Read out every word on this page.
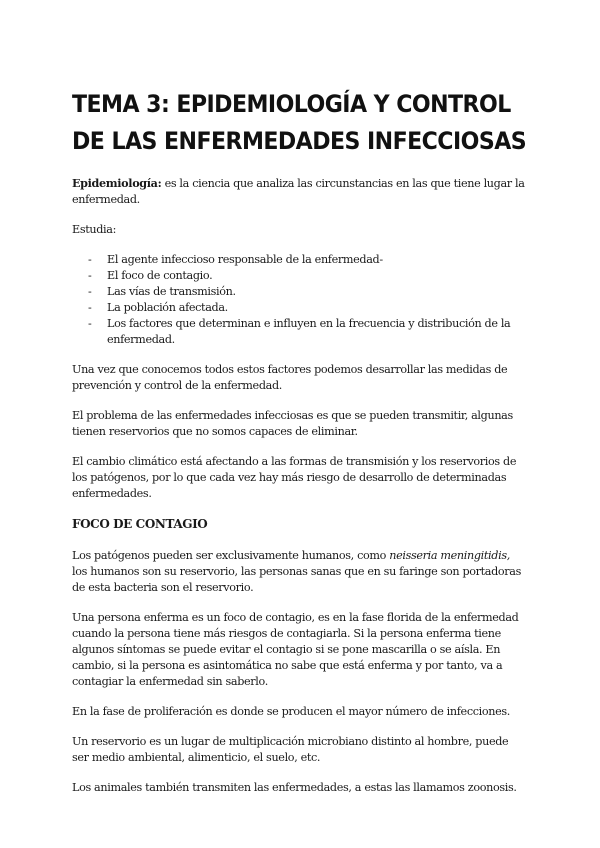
TEMA 3: EPIDEMIOLOGÍA Y CONTROL DE LAS ENFERMEDADES INFECCIOSAS

Epidemiología: es la ciencia que analiza las circunstancias en las que tiene lugar la enfermedad.

Estudia:

- El agente infeccioso responsable de la enfermedad-
- El foco de contagio.
- Las vías de transmisión.
- La población afectada.
- Los factores que determinan e influyen en la frecuencia y distribución de la enfermedad.

Una vez que conocemos todos estos factores podemos desarrollar las medidas de prevención y control de la enfermedad.

El problema de las enfermedades infecciosas es que se pueden transmitir, algunas tienen reservorios que no somos capaces de eliminar.

El cambio climático está afectando a las formas de transmisión y los reservorios de los patógenos, por lo que cada vez hay más riesgo de desarrollo de determinadas enfermedades.

FOCO DE CONTAGIO

Los patógenos pueden ser exclusivamente humanos, como neisseria meningitidis, los humanos son su reservorio, las personas sanas que en su faringe son portadoras de esta bacteria son el reservorio.

Una persona enferma es un foco de contagio, es en la fase florida de la enfermedad cuando la persona tiene más riesgos de contagiarla. Si la persona enferma tiene algunos síntomas se puede evitar el contagio si se pone mascarilla o se aísla. En cambio, si la persona es asintomática no sabe que está enferma y por tanto, va a contagiar la enfermedad sin saberlo.

En la fase de proliferación es donde se producen el mayor número de infecciones.

Un reservorio es un lugar de multiplicación microbiano distinto al hombre, puede ser medio ambiental, alimenticio, el suelo, etc.

Los animales también transmiten las enfermedades, a estas las llamamos zoonosis.
